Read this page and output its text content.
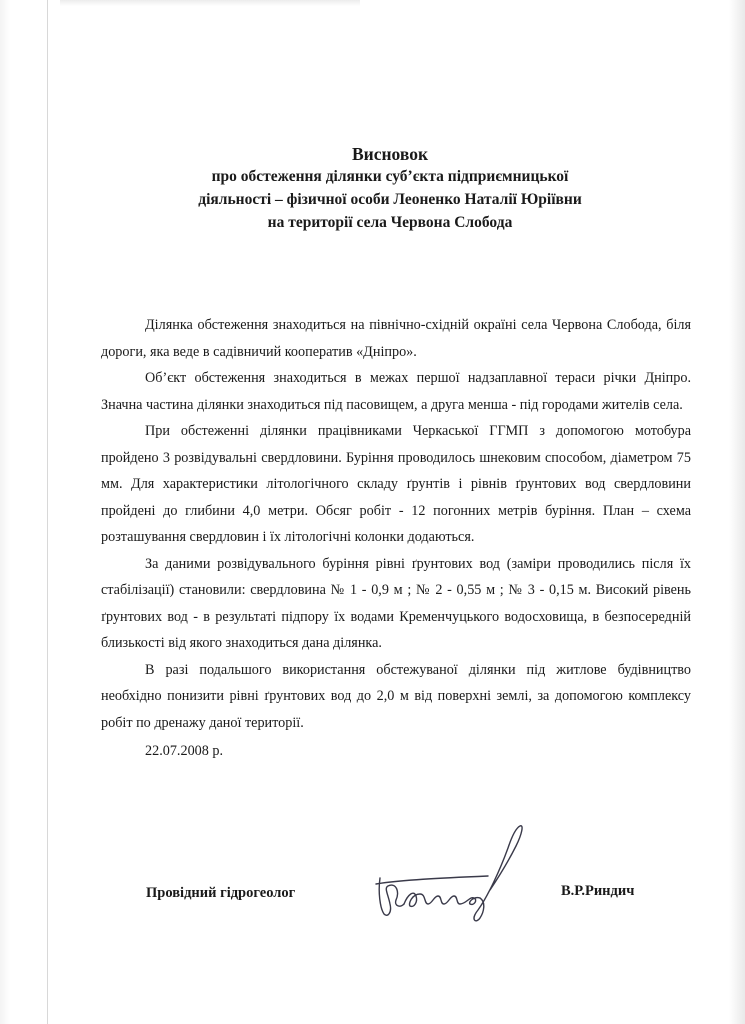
Висновок
про обстеження ділянки суб’єкта підприємницької
діяльності – фізичної особи Леоненко Наталії Юріївни
на території села Червона Слобода

Ділянка обстеження знаходиться на північно-східній окраїні села Червона Слобода, біля дороги, яка веде в садівничий кооператив «Дніпро».

Об’єкт обстеження знаходиться в межах першої надзаплавної тераси річки Дніпро. Значна частина ділянки знаходиться під пасовищем, а друга менша - під городами жителів села.

При обстеженні ділянки працівниками Черкаської ГГМП з допомогою мотобура пройдено 3 розвідувальні свердловини. Буріння проводилось шнековим способом, діаметром 75 мм. Для характеристики літологічного складу ґрунтів і рівнів ґрунтових вод свердловини пройдені до глибини 4,0 метри. Обсяг робіт - 12 погонних метрів буріння. План – схема розташування свердловин і їх літологічні колонки додаються.

За даними розвідувального буріння рівні ґрунтових вод (заміри проводились після їх стабілізації) становили: свердловина № 1 - 0,9 м ; № 2 - 0,55 м ; № 3 - 0,15 м. Високий рівень ґрунтових вод - в результаті підпору їх водами Кременчуцького водосховища, в безпосередній близькості від якого знаходиться дана ділянка.

В разі подальшого використання обстежуваної ділянки під житлове будівництво необхідно понизити рівні ґрунтових вод до 2,0 м від поверхні землі, за допомогою комплексу робіт по дренажу даної території.

22.07.2008 р.

Провідний гідрогеолог	В.Р.Риндич
